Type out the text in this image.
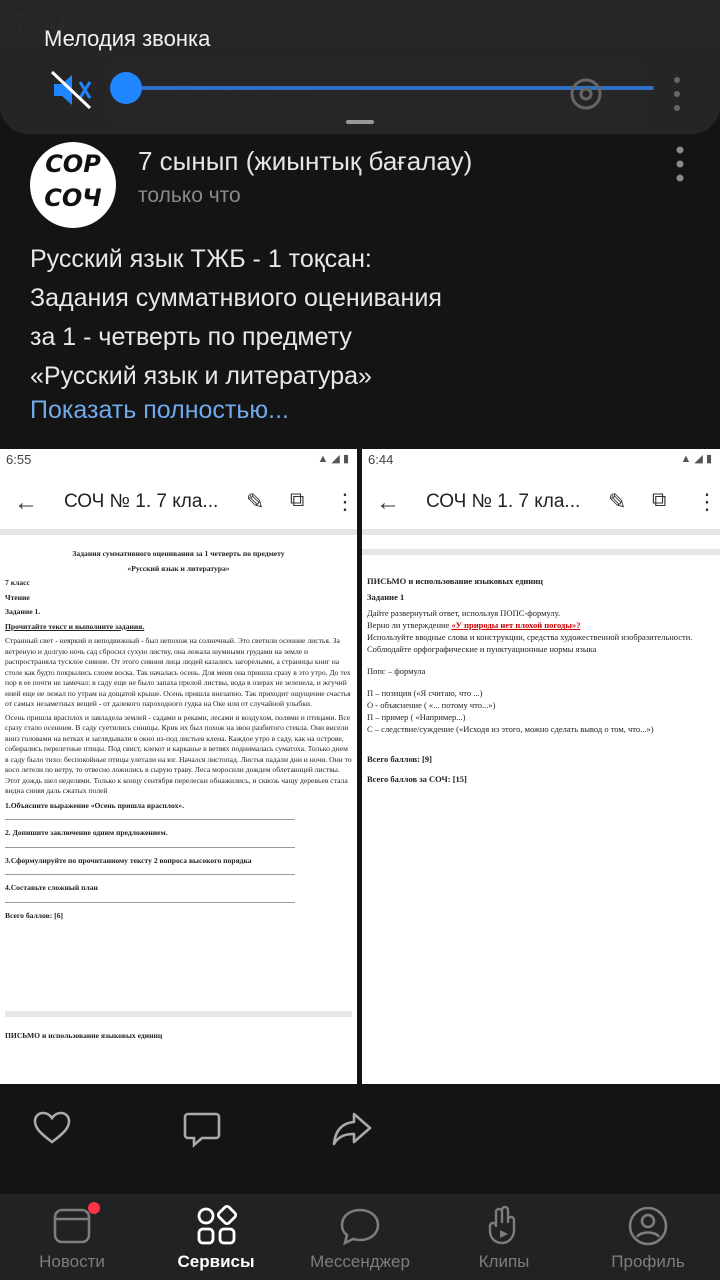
Мелодия звонка
СОР
СОЧ
7 сынып (жиынтық бағалау)
только что
Русский язык ТЖБ - 1 тоқсан:
Задания сумматнвиого оценивания
за 1 - четверть по предмету
«Русский язык и литература»
Показать полностью...
6:55	▲ ◢ ▮
← СОЧ № 1. 7 кла... ✎ ⧉ ⋮
Задания суммативного оценивания за 1 четверть по предмету
«Русский язык и литература»
7 класс
Чтение
Задание 1.
Прочитайте текст и выполните задания.

Странный свет - неяркий и неподвижный - был непохож на солнечный. Это светили осенние листья. За ветреную и долгую ночь сад сбросил сухую листву, она лежала шумными грудами на земле и распространяла тусклое сияние. От этого сияния лица людей казались загорелыми, а страницы книг на столе как будто покрылись слоем воска. Так началась осень. Для меня она пришла сразу в это утро. До тех пор я ее почти не замечал: в саду еще не было запаха прелой листвы, вода в озерах не зеленела, и жгучий иней еще не лежал по утрам на дощатой крыше. Осень пришла внезапно. Так приходит ощущение счастья от самых незаметных вещей - от далекого пароходного гудка на Оке или от случайной улыбки.

Осень пришла врасплох и завладела землей - садами и реками, лесами и воздухом, полями и птицами. Все сразу стало осенним. В саду суетились синицы. Крик их был похож на звон разбитого стекла. Они висели вниз головами на ветках и заглядывали в окно из-под листьев клена. Каждое утро в саду, как на острове, собирались перелетные птицы. Под свист, клекот и карканье в ветвях поднималась суматоха. Только днем в саду было тихо: беспокойные птицы улетали на юг. Начался листопад. Листья падали дни и ночи. Они то косо летели по ветру, то отвесно ложились в сырую траву. Леса моросили дождем облетающей листвы. Этот дождь шел неделями. Только к концу сентября перелески обнажились, и сквозь чащу деревьев стала видна синяя даль сжатых полей

1.Объясните выражение «Осень пришла врасплох».
2. Допишите заключение одним предложением.
3.Сформулируйте по прочитанному тексту 2 вопроса высокого порядка
4.Составьте сложный план
Всего баллов: [6]
ПИСЬМО и использование языковых единиц
6:44	▲ ◢ ▮
← СОЧ № 1. 7 кла... ✎ ⧉ ⋮
ПИСЬМО и использование языковых единиц
Задание 1
Дайте развернутый ответ, используя ПОПС-формулу.
Верно ли утверждение «У природы нет плохой погоды»?
Используйте вводные слова и конструкции, средства художественной изобразительности.
Соблюдайте орфографические и пунктуационные нормы языка

Попс – формула

П – позиция («Я считаю, что ...)
О - объяснение ( «... потому что...»)
П – пример ( «Например...)
С – следствие/суждение («Исходя из этого, можно сделать вывод о том, что...»)
Всего баллов: [9]
Всего баллов за СОЧ: [15]
Новости	Сервисы	Мессенджер	Клипы	Профиль
